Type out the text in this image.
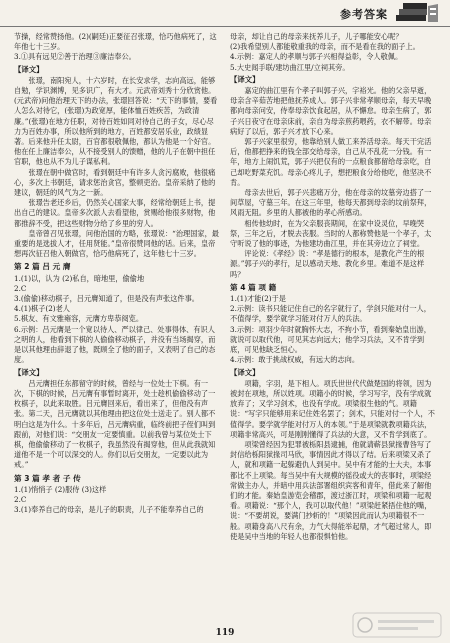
参考答案

节操，经常赞扬他。(2)(嗣廷)正要征召张璟，恰巧他病死了，这年他七十三岁。

3.①具有远见②善于治理③廉洁奉公。

【译文】

张璟，南阳宛人，十六岁时，在长安求学，志向高远，能够自勉，学识渊博，见多识广，有大才。元武帝刘秀十分欣赏他。(元武帝)问他治理天下的办法，张璟回答说：“天下的事情，要看人怎么对待它，(张璟)为政宽厚，能体恤百姓疾苦，为政清廉。”(张璟)在地方任职，对待百姓如同对待自己的子女，尽心尽力为百姓办事，所以他所到的地方，百姓都安居乐业，政绩显著。后来他升任太尉，百官都很敬佩他，都认为他是一个好官。他在任上廉洁奉公，从不接受别人的馈赠，他的儿子在朝中担任官职，他也从不为儿子谋私利。

张璟在朝中做官时，看到朝廷中有许多人贪污腐败，他很痛心，多次上书朝廷，请求惩治贪官，整顿吏治。皇帝采纳了他的建议，朝廷的风气为之一新。

张璟告老还乡后，仍然关心国家大事，经常给朝廷上书，提出自己的建议。皇帝多次派人去看望他，赏赐给他很多财物，他都推辞不受，把这些财物分给了乡里的穷人。

皇帝曾召见张璟，问他治国的方略，张璟说：“治理国家，最重要的是选拔人才，任用贤能。”皇帝很赞同他的话。后来，皇帝想再次征召他入朝做官，恰巧他病死了，这年他七十三岁。

第 2 篇 吕 元 膺

1.(1)以，认为 (2)私自，暗地里，偷偷地

2.C

3.(偷偷)移动棋子，吕元膺知道了，但是没有声张这件事。

4.(1)棋子(2)老人

5.棋友、有文雅雍容，元膺方卑恭阅览。

6.示例：吕元膺是一个宽以待人、严以律己、处事得体、有识人之明的人，他看到下棋的人偷偷移动棋子，并没有当场揭穿，而是以其他理由辞退了他，既顾全了他的面子，又表明了自己的态度。

【译文】

吕元膺担任东都留守的时候，曾经与一位处士下棋。有一次，下棋的时候，吕元膺有事暂时离开，处士趁机偷偷移动了一枚棋子，以此来取胜。吕元膺回来后，看出来了，但他没有声张。第二天，吕元膺就以其他理由把这位处士送走了。别人都不明白这是为什么。十多年后，吕元膺病重，临终前把子侄们叫到跟前，对他们说：“交朋友一定要慎重。以前我曾与某位处士下棋，他偷偷移动了一枚棋子，我虽然没有揭穿他，但从此我就知道他不是一个可以深交的人。你们以后交朋友，一定要以此为戒。”

第 3 篇 孝 者 子 传

1.(1)悄悄子 (2)服侍 (3)这样

2.C

3.(1)奉养自己的母亲，是儿子的职责，儿子不能奉养自己的

母亲，却让自己的母亲来抚养儿子，儿子哪能安心呢？

(2)我希望别人都能敬重我的母亲，而不是看在我的面子上。

4.示例：嘉定人的孝顺与郭子兴相得益彰，令人敬佩。

5.大史闻手联/建坊曲江里/立祠其旁。

【译文】

嘉定的曲江里有个孝子叫郭子兴，字裕光。他的父亲早逝，母亲含辛茹苦地把他抚养成人。郭子兴非常孝顺母亲，每天早晚都向母亲问安，侍奉母亲饮食起居，从不懈怠。母亲生病了，郭子兴日夜守在母亲床前，亲自为母亲煎药喂药，衣不解带。母亲病好了以后，郭子兴才放下心来。

郭子兴家里很穷，他靠给别人做工来养活母亲。每天干完活后，他都把挣来的钱全部交给母亲，自己从不乱花一分钱。有一年，地方上闹饥荒，郭子兴把仅有的一点粮食都留给母亲吃，自己却吃野菜充饥。母亲心疼儿子，想把粮食分给他吃，他坚决不肯。

母亲去世后，郭子兴悲痛万分，他在母亲的坟墓旁边搭了一间草屋，守墓三年。在这三年里，他每天都到母亲的坟前祭拜，风雨无阻。乡里的人都被他的孝心所感动。

相传他幼时，在为父亲服丧期间，在家中设灵位，早晚哭祭，三年之后，才脱去丧服。当时的人都称赞他是一个孝子，太守听说了他的事迹，为他建坊曲江里，并在其旁边立了祠堂。

评论说：《孝经》说：“孝是德行的根本，是教化产生的根源。”郭子兴的孝行，足以感动天地、教化乡里。难道不是这样吗？

第 4 篇 项 籍

1.(1)才能(2)于是

2.示例：读书只能记住自己的名字就行了，学剑只能对付一人，不值得学，要学就学习能对付万人的兵法。

3.示例：项羽少年时就胸怀大志，不拘小节，看到秦始皇出游，就说可以取代他，可见其志向远大；他学习兵法，又不肯学到底，可见他缺乏恒心。

4.示例：敢于挑战权威，有远大的志向。

【译文】

项籍，字羽，是下相人。项氏世世代代做楚国的将领，因为被封在项地，所以姓项。项籍小的时候，学习写字，没有学成就放弃了；又学习剑术，也没有学成。项梁很生他的气。项籍说：“写字只能够用来记住姓名罢了；剑术，只能对付一个人，不值得学。要学就学能对付万人的本领。”于是项梁就教项籍兵法，项籍非常高兴，可是刚刚懂得了兵法的大意，又不肯学到底了。

项梁曾经因为犯罪被栎阳县逮捕，他就请蕲县狱掾曹咎写了封信给栎阳狱掾司马欣，事情因此才得以了结。后来项梁又杀了人，就和项籍一起躲避仇人到吴中。吴中有才能的士大夫，本事都比不上项梁。每当吴中有大规模的徭役或大的丧事时，项梁经常做主办人，并暗中用兵法部署组织宾客和青年，借此来了解他们的才能。秦始皇游览会稽郡，渡过浙江时，项梁和项籍一起观看。项籍说：“那个人，我可以取代他！”项梁赶紧捂住他的嘴，说：“不要胡说，要满门抄斩的！”项梁因此而认为项籍很不一般。项籍身高八尺有余，力气大得能举起鼎，才气超过常人，即使是吴中当地的年轻人也都很惧怕他。

119
